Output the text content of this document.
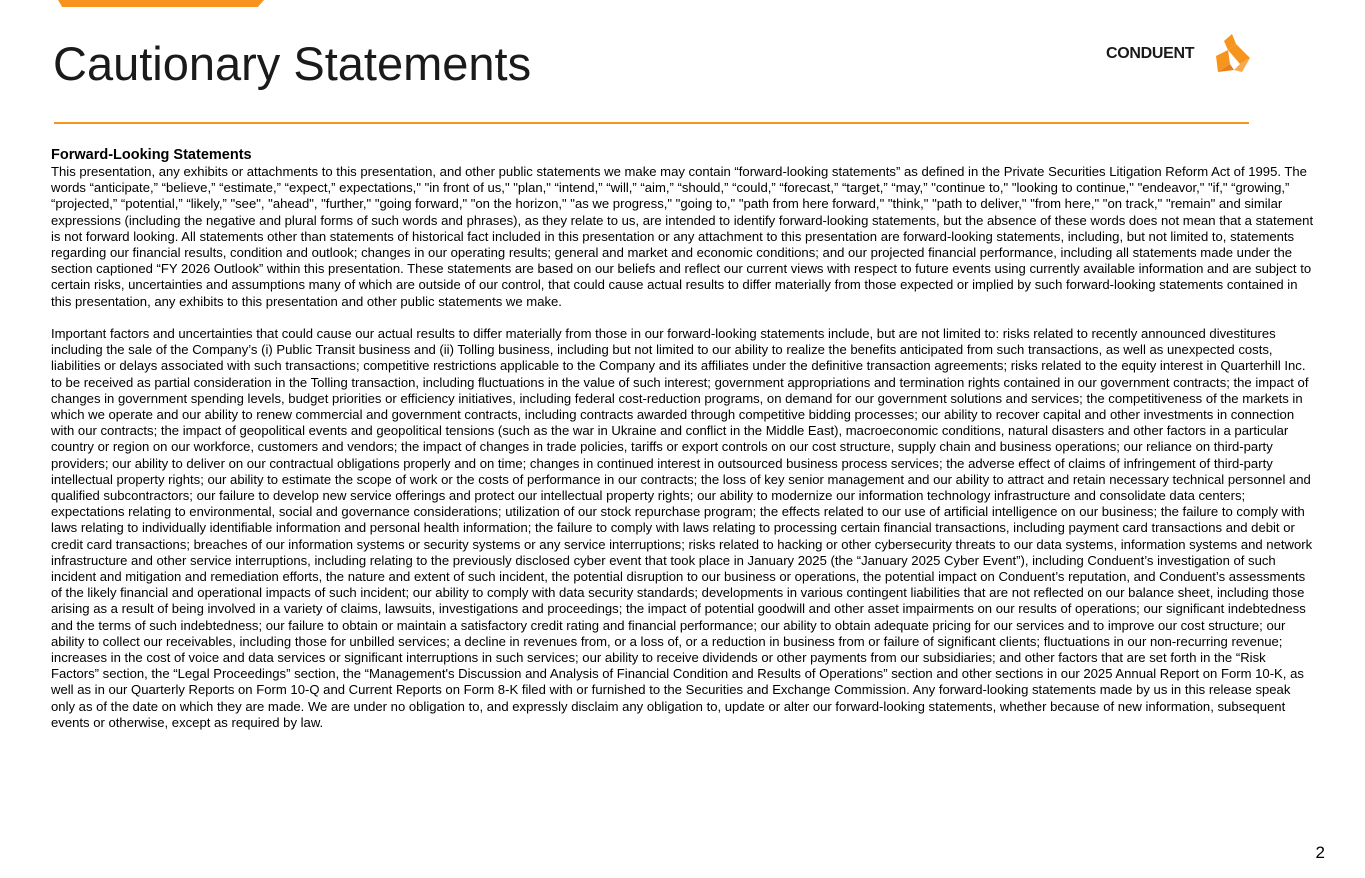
Cautionary Statements	CONDUENT
Forward-Looking Statements

This presentation, any exhibits or attachments to this presentation, and other public statements we make may contain “forward-looking statements” as defined in the Private Securities Litigation Reform Act of 1995. The words “anticipate,” “believe,” “estimate,” “expect,” expectations," "in front of us," "plan," “intend,” “will,” “aim,” “should,” “could,” “forecast,” “target,” “may,” "continue to," "looking to continue," "endeavor," "if," “growing,” “projected,” “potential,” “likely,” "see", "ahead", "further," "going forward," "on the horizon," "as we progress," "going to," "path from here forward," "think," "path to deliver," "from here," "on track," "remain" and similar expressions (including the negative and plural forms of such words and phrases), as they relate to us, are intended to identify forward-looking statements, but the absence of these words does not mean that a statement is not forward looking. All statements other than statements of historical fact included in this presentation or any attachment to this presentation are forward-looking statements, including, but not limited to, statements regarding our financial results, condition and outlook; changes in our operating results; general and market and economic conditions; and our projected financial performance, including all statements made under the section captioned “FY 2026 Outlook” within this presentation. These statements are based on our beliefs and reflect our current views with respect to future events using currently available information and are subject to certain risks, uncertainties and assumptions many of which are outside of our control, that could cause actual results to differ materially from those expected or implied by such forward-looking statements contained in this presentation, any exhibits to this presentation and other public statements we make.

Important factors and uncertainties that could cause our actual results to differ materially from those in our forward-looking statements include, but are not limited to: risks related to recently announced divestitures including the sale of the Company’s (i) Public Transit business and (ii) Tolling business, including but not limited to our ability to realize the benefits anticipated from such transactions, as well as unexpected costs, liabilities or delays associated with such transactions; competitive restrictions applicable to the Company and its affiliates under the definitive transaction agreements; risks related to the equity interest in Quarterhill Inc. to be received as partial consideration in the Tolling transaction, including fluctuations in the value of such interest; government appropriations and termination rights contained in our government contracts; the impact of changes in government spending levels, budget priorities or efficiency initiatives, including federal cost-reduction programs, on demand for our government solutions and services; the competitiveness of the markets in which we operate and our ability to renew commercial and government contracts, including contracts awarded through competitive bidding processes; our ability to recover capital and other investments in connection with our contracts; the impact of geopolitical events and geopolitical tensions (such as the war in Ukraine and conflict in the Middle East), macroeconomic conditions, natural disasters and other factors in a particular country or region on our workforce, customers and vendors; the impact of changes in trade policies, tariffs or export controls on our cost structure, supply chain and business operations; our reliance on third-party providers; our ability to deliver on our contractual obligations properly and on time; changes in continued interest in outsourced business process services; the adverse effect of claims of infringement of third-party intellectual property rights; our ability to estimate the scope of work or the costs of performance in our contracts; the loss of key senior management and our ability to attract and retain necessary technical personnel and qualified subcontractors; our failure to develop new service offerings and protect our intellectual property rights; our ability to modernize our information technology infrastructure and consolidate data centers; expectations relating to environmental, social and governance considerations; utilization of our stock repurchase program; the effects related to our use of artificial intelligence on our business; the failure to comply with laws relating to individually identifiable information and personal health information; the failure to comply with laws relating to processing certain financial transactions, including payment card transactions and debit or credit card transactions; breaches of our information systems or security systems or any service interruptions; risks related to hacking or other cybersecurity threats to our data systems, information systems and network infrastructure and other service interruptions, including relating to the previously disclosed cyber event that took place in January 2025 (the “January 2025 Cyber Event”), including Conduent’s investigation of such incident and mitigation and remediation efforts, the nature and extent of such incident, the potential disruption to our business or operations, the potential impact on Conduent’s reputation, and Conduent’s assessments of the likely financial and operational impacts of such incident; our ability to comply with data security standards; developments in various contingent liabilities that are not reflected on our balance sheet, including those arising as a result of being involved in a variety of claims, lawsuits, investigations and proceedings; the impact of potential goodwill and other asset impairments on our results of operations; our significant indebtedness and the terms of such indebtedness; our failure to obtain or maintain a satisfactory credit rating and financial performance; our ability to obtain adequate pricing for our services and to improve our cost structure; our ability to collect our receivables, including those for unbilled services; a decline in revenues from, or a loss of, or a reduction in business from or failure of significant clients; fluctuations in our non-recurring revenue; increases in the cost of voice and data services or significant interruptions in such services; our ability to receive dividends or other payments from our subsidiaries; and other factors that are set forth in the “Risk Factors” section, the “Legal Proceedings” section, the “Management's Discussion and Analysis of Financial Condition and Results of Operations” section and other sections in our 2025 Annual Report on Form 10-K, as well as in our Quarterly Reports on Form 10-Q and Current Reports on Form 8-K filed with or furnished to the Securities and Exchange Commission. Any forward-looking statements made by us in this release speak only as of the date on which they are made. We are under no obligation to, and expressly disclaim any obligation to, update or alter our forward-looking statements, whether because of new information, subsequent events or otherwise, except as required by law.

2
